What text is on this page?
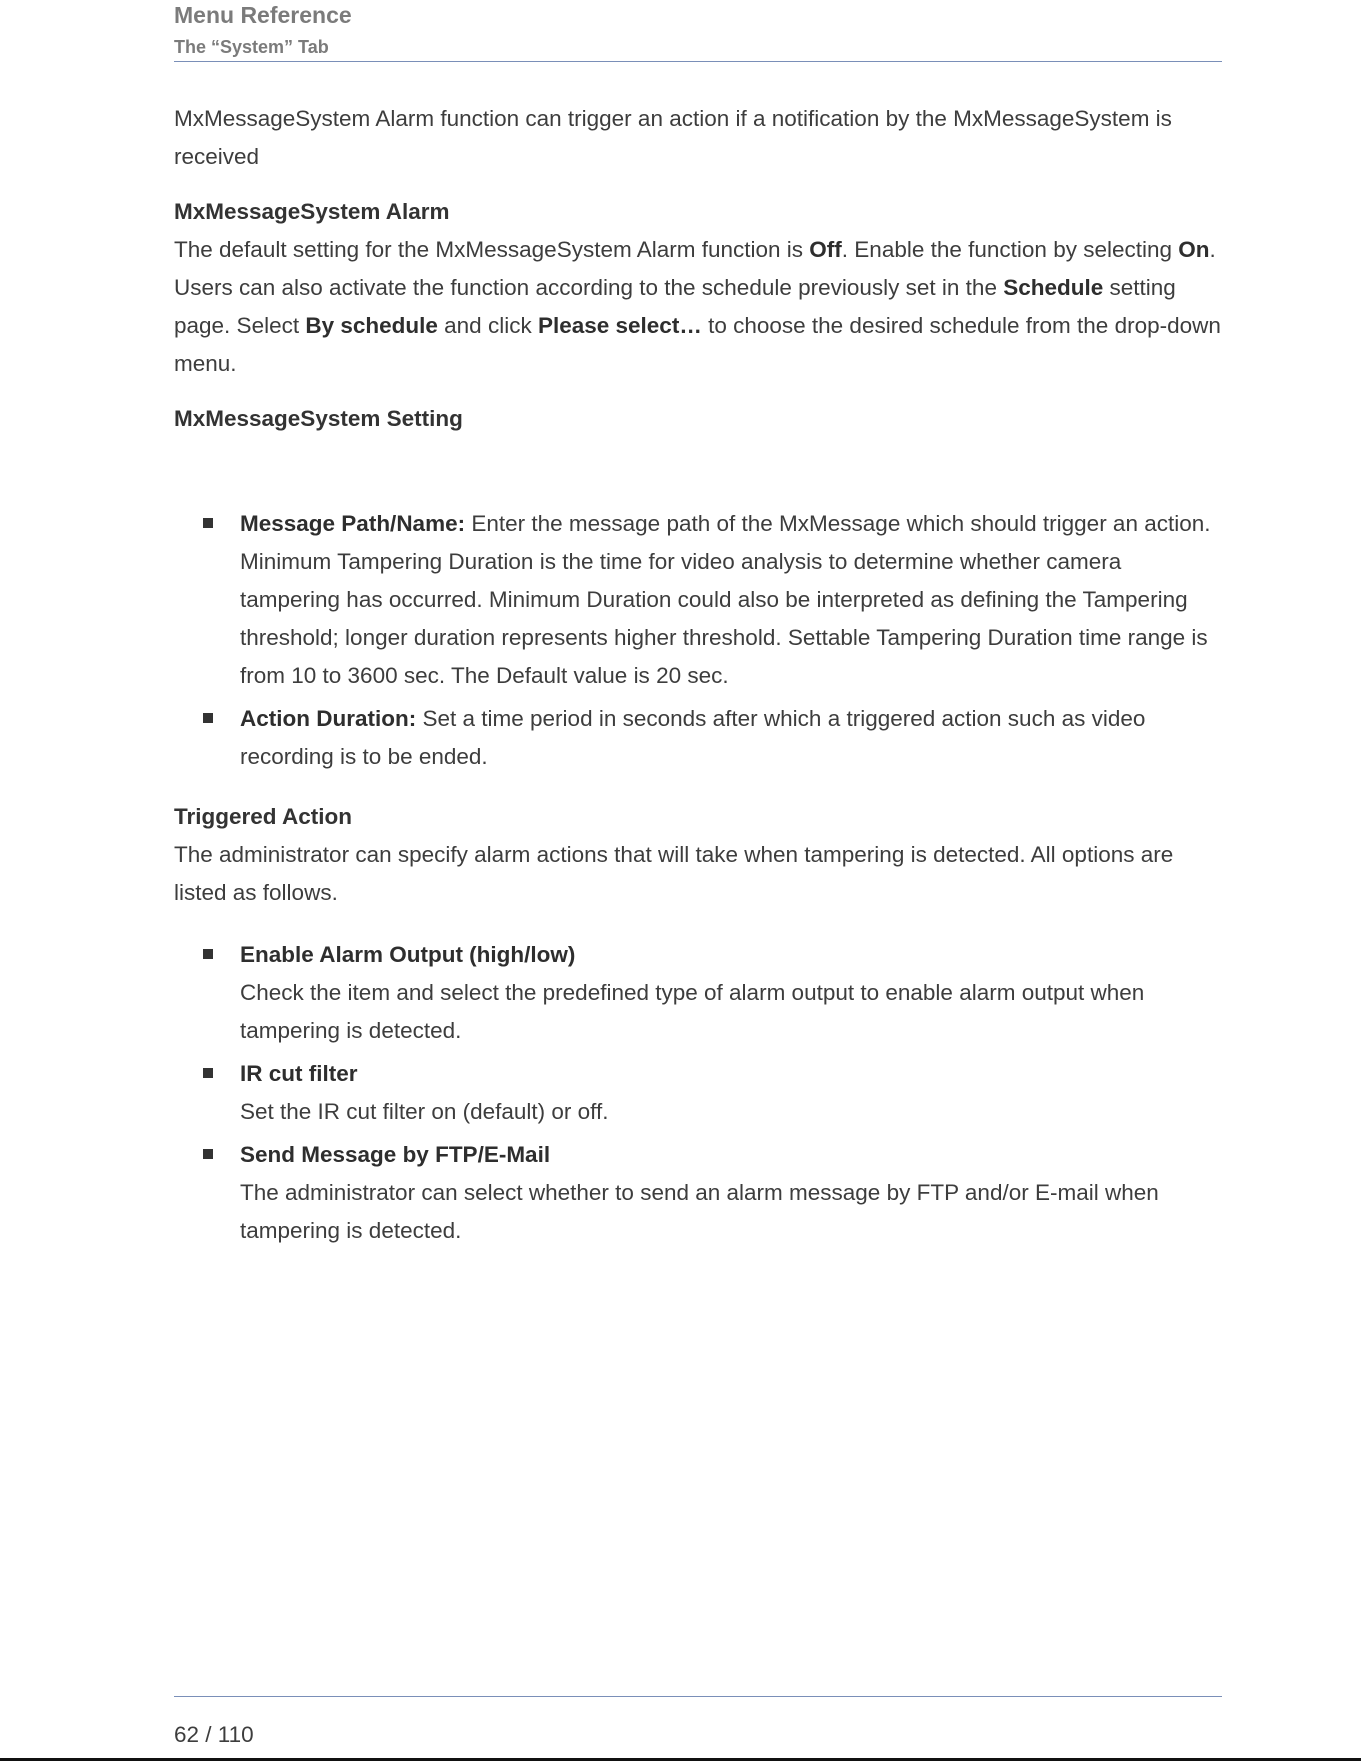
Menu Reference
The “System” Tab

MxMessageSystem Alarm function can trigger an action if a notification by the MxMessageSystem is received

MxMessageSystem Alarm

The default setting for the MxMessageSystem Alarm function is Off. Enable the function by selecting On. Users can also activate the function according to the schedule previously set in the Schedule setting page. Select By schedule and click Please select… to choose the desired schedule from the drop-down menu.

MxMessageSystem Setting
Message Path/Name: Enter the message path of the MxMessage which should trigger an action. Minimum Tampering Duration is the time for video analysis to determine whether camera tampering has occurred. Minimum Duration could also be interpreted as defining the Tampering threshold; longer duration represents higher threshold. Settable Tampering Duration time range is from 10 to 3600 sec. The Default value is 20 sec.
Action Duration: Set a time period in seconds after which a triggered action such as video recording is to be ended.
Triggered Action

The administrator can specify alarm actions that will take when tampering is detected. All options are listed as follows.

Enable Alarm Output (high/low)

Check the item and select the predefined type of alarm output to enable alarm output when tampering is detected.

IR cut filter

Set the IR cut filter on (default) or off.

Send Message by FTP/E-Mail

The administrator can select whether to send an alarm message by FTP and/or E-mail when tampering is detected.

62 / 110
